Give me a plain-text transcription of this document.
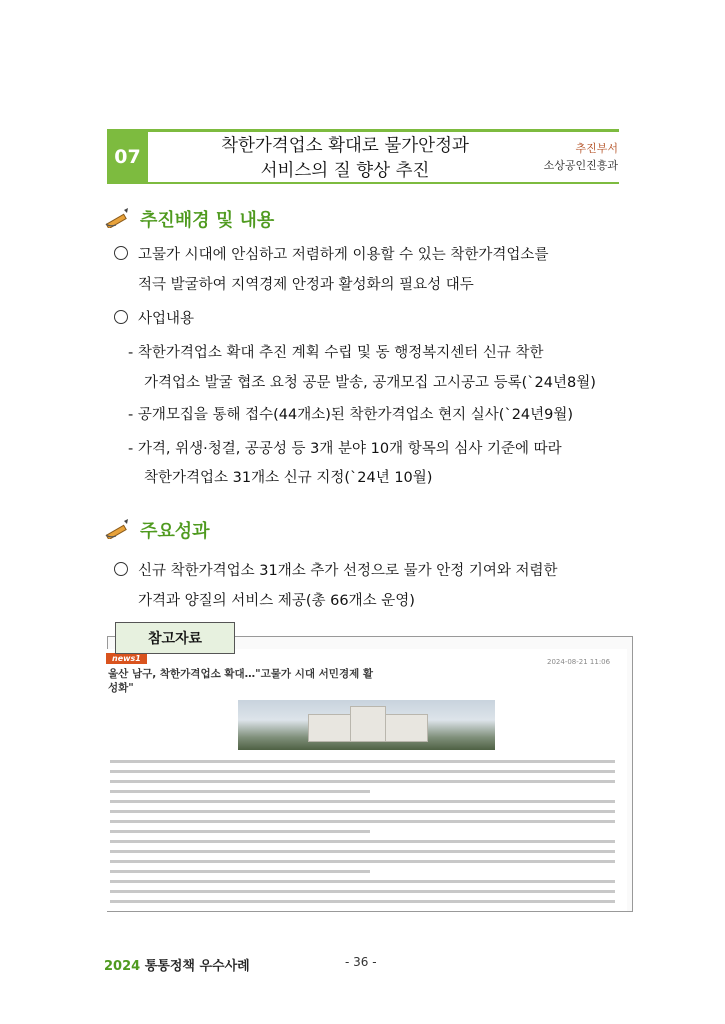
07	착한가격업소 확대로 물가안정과
서비스의 질 향상 추진
추진부서
소상공인진흥과
추진배경 및 내용
고물가 시대에 안심하고 저렴하게 이용할 수 있는 착한가격업소를
적극 발굴하여 지역경제 안정과 활성화의 필요성 대두
사업내용
- 착한가격업소 확대 추진 계획 수립 및 동 행정복지센터 신규 착한
가격업소 발굴 협조 요청 공문 발송, 공개모집 고시공고 등록(`24년8월)
- 공개모집을 통해 접수(44개소)된 착한가격업소 현지 실사(`24년9월)
- 가격, 위생·청결, 공공성 등 3개 분야 10개 항목의 심사 기준에 따라
착한가격업소 31개소 신규 지정(`24년 10월)
주요성과
신규 착한가격업소 31개소 추가 선정으로 물가 안정 기여와 저렴한
가격과 양질의 서비스 제공(총 66개소 운영)
참고자료
news1	2024-08-21 11:06
울산 남구, 착한가격업소 확대…"고물가 시대 서민경제 활
성화"
2024 통통정책 우수사례	- 36 -
